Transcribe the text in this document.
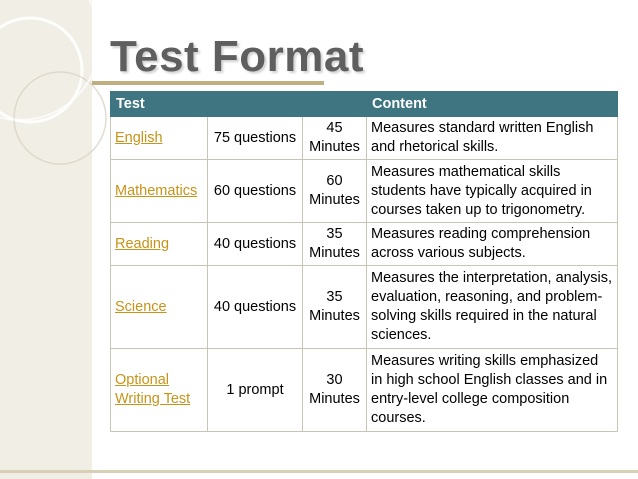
Test Format
Test			Content
English	75 questions	45 Minutes	Measures standard written English and rhetorical skills.
Mathematics	60 questions	60 Minutes	Measures mathematical skills students have typically acquired in courses taken up to trigonometry.
Reading	40 questions	35 Minutes	Measures reading comprehension across various subjects.
Science	40 questions	35 Minutes	Measures the interpretation, analysis, evaluation, reasoning, and problem-solving skills required in the natural sciences.
Optional Writing Test	1 prompt	30 Minutes	Measures writing skills emphasized in high school English classes and in entry-level college composition courses.
